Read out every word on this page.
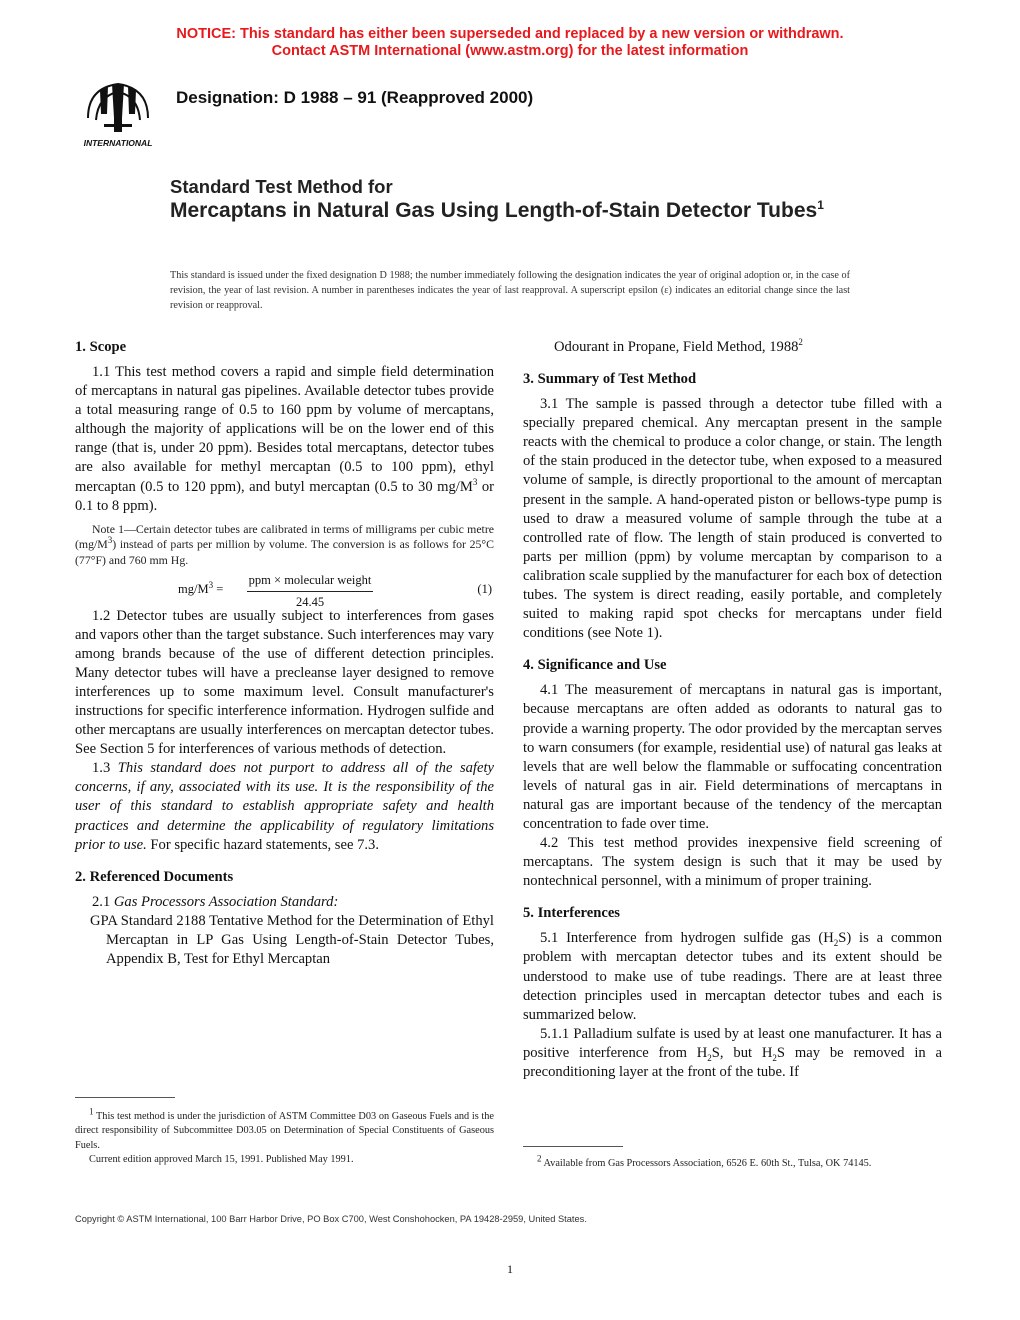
NOTICE: This standard has either been superseded and replaced by a new version or withdrawn.
Contact ASTM International (www.astm.org) for the latest information
INTERNATIONAL
Designation: D 1988 – 91 (Reapproved 2000)
Standard Test Method for
Mercaptans in Natural Gas Using Length-of-Stain Detector Tubes$^1$
This standard is issued under the fixed designation D 1988; the number immediately following the designation indicates the year of original adoption or, in the case of revision, the year of last revision. A number in parentheses indicates the year of last reapproval. A superscript epsilon (ε) indicates an editorial change since the last revision or reapproval.
1. Scope

1.1 This test method covers a rapid and simple field determination of mercaptans in natural gas pipelines. Available detector tubes provide a total measuring range of 0.5 to 160 ppm by volume of mercaptans, although the majority of applications will be on the lower end of this range (that is, under 20 ppm). Besides total mercaptans, detector tubes are also available for methyl mercaptan (0.5 to 100 ppm), ethyl mercaptan (0.5 to 120 ppm), and butyl mercaptan (0.5 to 30 $mg/M^3$ or 0.1 to 8 ppm).

Note 1—Certain detector tubes are calibrated in terms of milligrams per cubic metre $(mg/M^3)$ instead of parts per million by volume. The conversion is as follows for 25°C (77°F) and 760 mm Hg.

$mg/M^3$ =
ppm × molecular weight
24.45
(1)

1.2 Detector tubes are usually subject to interferences from gases and vapors other than the target substance. Such interferences may vary among brands because of the use of different detection principles. Many detector tubes will have a precleanse layer designed to remove interferences up to some maximum level. Consult manufacturer's instructions for specific interference information. Hydrogen sulfide and other mercaptans are usually interferences on mercaptan detector tubes. See Section 5 for interferences of various methods of detection.

1.3 This standard does not purport to address all of the safety concerns, if any, associated with its use. It is the responsibility of the user of this standard to establish appropriate safety and health practices and determine the applicability of regulatory limitations prior to use. For specific hazard statements, see 7.3.

2. Referenced Documents

2.1 Gas Processors Association Standard:

GPA Standard 2188 Tentative Method for the Determination of Ethyl Mercaptan in LP Gas Using Length-of-Stain Detector Tubes, Appendix B, Test for Ethyl Mercaptan

$^1$ This test method is under the jurisdiction of ASTM Committee D03 on Gaseous Fuels and is the direct responsibility of Subcommittee D03.05 on Determination of Special Constituents of Gaseous Fuels.
Current edition approved March 15, 1991. Published May 1991.

Odourant in Propane, Field Method, 1988$^2$

3. Summary of Test Method

3.1 The sample is passed through a detector tube filled with a specially prepared chemical. Any mercaptan present in the sample reacts with the chemical to produce a color change, or stain. The length of the stain produced in the detector tube, when exposed to a measured volume of sample, is directly proportional to the amount of mercaptan present in the sample. A hand-operated piston or bellows-type pump is used to draw a measured volume of sample through the tube at a controlled rate of flow. The length of stain produced is converted to parts per million (ppm) by volume mercaptan by comparison to a calibration scale supplied by the manufacturer for each box of detection tubes. The system is direct reading, easily portable, and completely suited to making rapid spot checks for mercaptans under field conditions (see Note 1).

4. Significance and Use

4.1 The measurement of mercaptans in natural gas is important, because mercaptans are often added as odorants to natural gas to provide a warning property. The odor provided by the mercaptan serves to warn consumers (for example, residential use) of natural gas leaks at levels that are well below the flammable or suffocating concentration levels of natural gas in air. Field determinations of mercaptans in natural gas are important because of the tendency of the mercaptan concentration to fade over time.

4.2 This test method provides inexpensive field screening of mercaptans. The system design is such that it may be used by nontechnical personnel, with a minimum of proper training.

5. Interferences

5.1 Interference from hydrogen sulfide gas $(H_2S)$ is a common problem with mercaptan detector tubes and its extent should be understood to make use of tube readings. There are at least three detection principles used in mercaptan detector tubes and each is summarized below.

5.1.1 Palladium sulfate is used by at least one manufacturer. It has a positive interference from $H_2S$, but $H_2S$ may be removed in a preconditioning layer at the front of the tube. If

$^2$ Available from Gas Processors Association, 6526 E. 60th St., Tulsa, OK 74145.
Copyright © ASTM International, 100 Barr Harbor Drive, PO Box C700, West Conshohocken, PA 19428-2959, United States.
1
